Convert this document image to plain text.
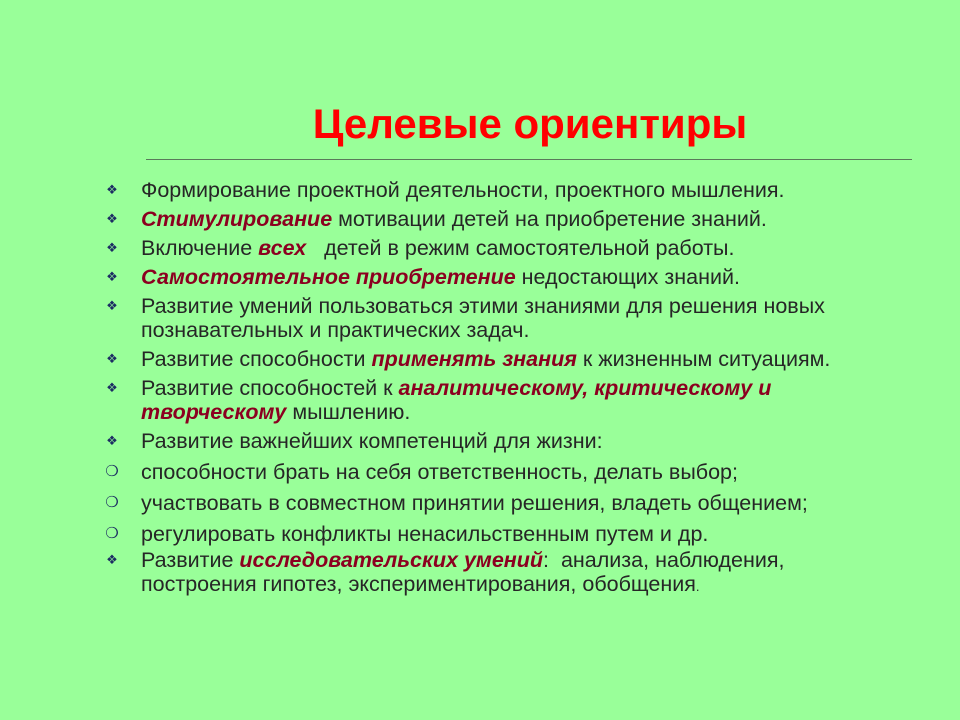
Целевые ориентиры
❖ Формирование проектной деятельности, проектного мышления.
❖ Стимулирование мотивации детей на приобретение знаний.
❖ Включение всех   детей в режим самостоятельной работы.
❖ Самостоятельное приобретение недостающих знаний.
❖ Развитие умений пользоваться этими знаниями для решения новых познавательных и практических задач.
❖ Развитие способности применять знания к жизненным ситуациям.
❖ Развитие способностей к аналитическому, критическому и творческому мышлению.
❖ Развитие важнейших компетенций для жизни:
❍ способности брать на себя ответственность, делать выбор;
❍ участвовать в совместном принятии решения, владеть общением;
❍ регулировать конфликты ненасильственным путем и др.
❖ Развитие исследовательских умений:  анализа, наблюдения, построения гипотез, экспериментирования, обобщения.
